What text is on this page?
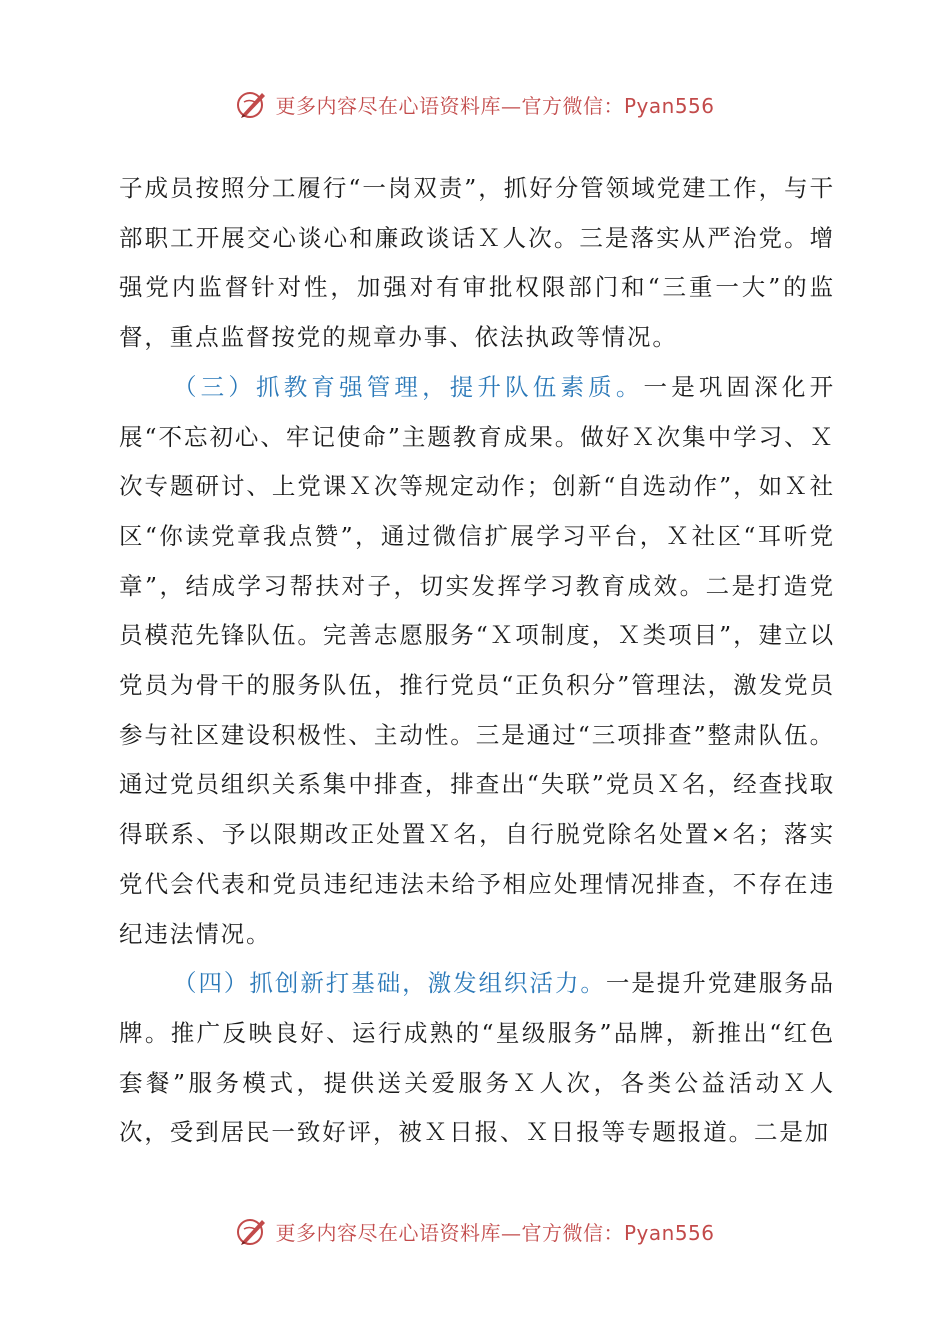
更多内容尽在心语资料库—官方微信：Pyan556

子成员按照分工履行“一岗双责”，抓好分管领域党建工作，与干部职工开展交心谈心和廉政谈话Ｘ人次。三是落实从严治党。增强党内监督针对性，加强对有审批权限部门和“三重一大”的监督，重点监督按党的规章办事、依法执政等情况。

（三）抓教育强管理，提升队伍素质。一是巩固深化开展“不忘初心、牢记使命”主题教育成果。做好Ｘ次集中学习、Ｘ次专题研讨、上党课Ｘ次等规定动作；创新“自选动作”，如Ｘ社区“你读党章我点赞”，通过微信扩展学习平台，Ｘ社区“耳听党章”，结成学习帮扶对子，切实发挥学习教育成效。二是打造党员模范先锋队伍。完善志愿服务“Ｘ项制度，Ｘ类项目”，建立以党员为骨干的服务队伍，推行党员“正负积分”管理法，激发党员参与社区建设积极性、主动性。三是通过“三项排查”整肃队伍。通过党员组织关系集中排查，排查出“失联”党员Ｘ名，经查找取得联系、予以限期改正处置Ｘ名，自行脱党除名处置×名；落实党代会代表和党员违纪违法未给予相应处理情况排查，不存在违纪违法情况。

（四）抓创新打基础，激发组织活力。一是提升党建服务品牌。推广反映良好、运行成熟的“星级服务”品牌，新推出“红色套餐”服务模式，提供送关爱服务Ｘ人次，各类公益活动Ｘ人次，受到居民一致好评，被Ｘ日报、Ｘ日报等专题报道。二是加

更多内容尽在心语资料库—官方微信：Pyan556
